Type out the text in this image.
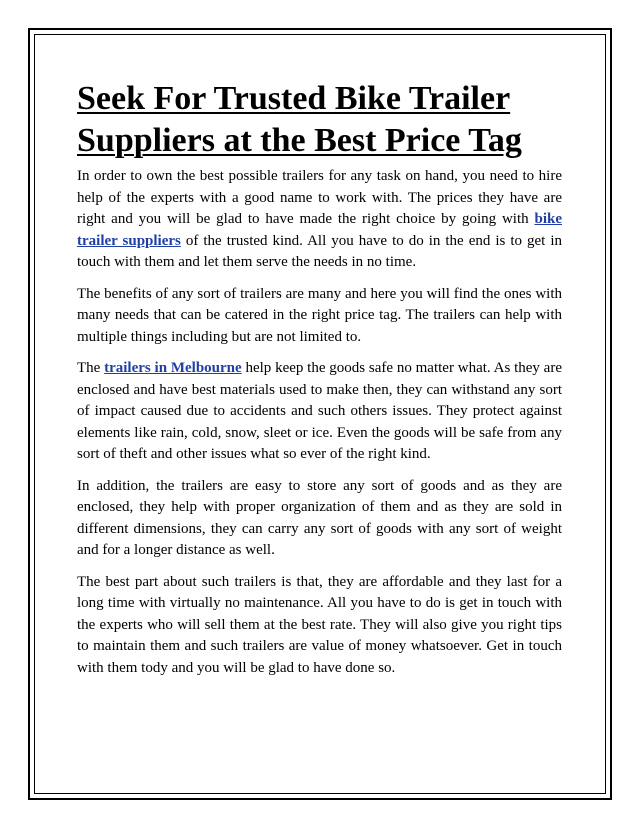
Seek For Trusted Bike Trailer Suppliers at the Best Price Tag

In order to own the best possible trailers for any task on hand, you need to hire help of the experts with a good name to work with. The prices they have are right and you will be glad to have made the right choice by going with bike trailer suppliers of the trusted kind. All you have to do in the end is to get in touch with them and let them serve the needs in no time.

The benefits of any sort of trailers are many and here you will find the ones with many needs that can be catered in the right price tag. The trailers can help with multiple things including but are not limited to.

The trailers in Melbourne help keep the goods safe no matter what. As they are enclosed and have best materials used to make then, they can withstand any sort of impact caused due to accidents and such others issues. They protect against elements like rain, cold, snow, sleet or ice. Even the goods will be safe from any sort of theft and other issues what so ever of the right kind.

In addition, the trailers are easy to store any sort of goods and as they are enclosed, they help with proper organization of them and as they are sold in different dimensions, they can carry any sort of goods with any sort of weight and for a longer distance as well.

The best part about such trailers is that, they are affordable and they last for a long time with virtually no maintenance. All you have to do is get in touch with the experts who will sell them at the best rate. They will also give you right tips to maintain them and such trailers are value of money whatsoever. Get in touch with them tody and you will be glad to have done so.
